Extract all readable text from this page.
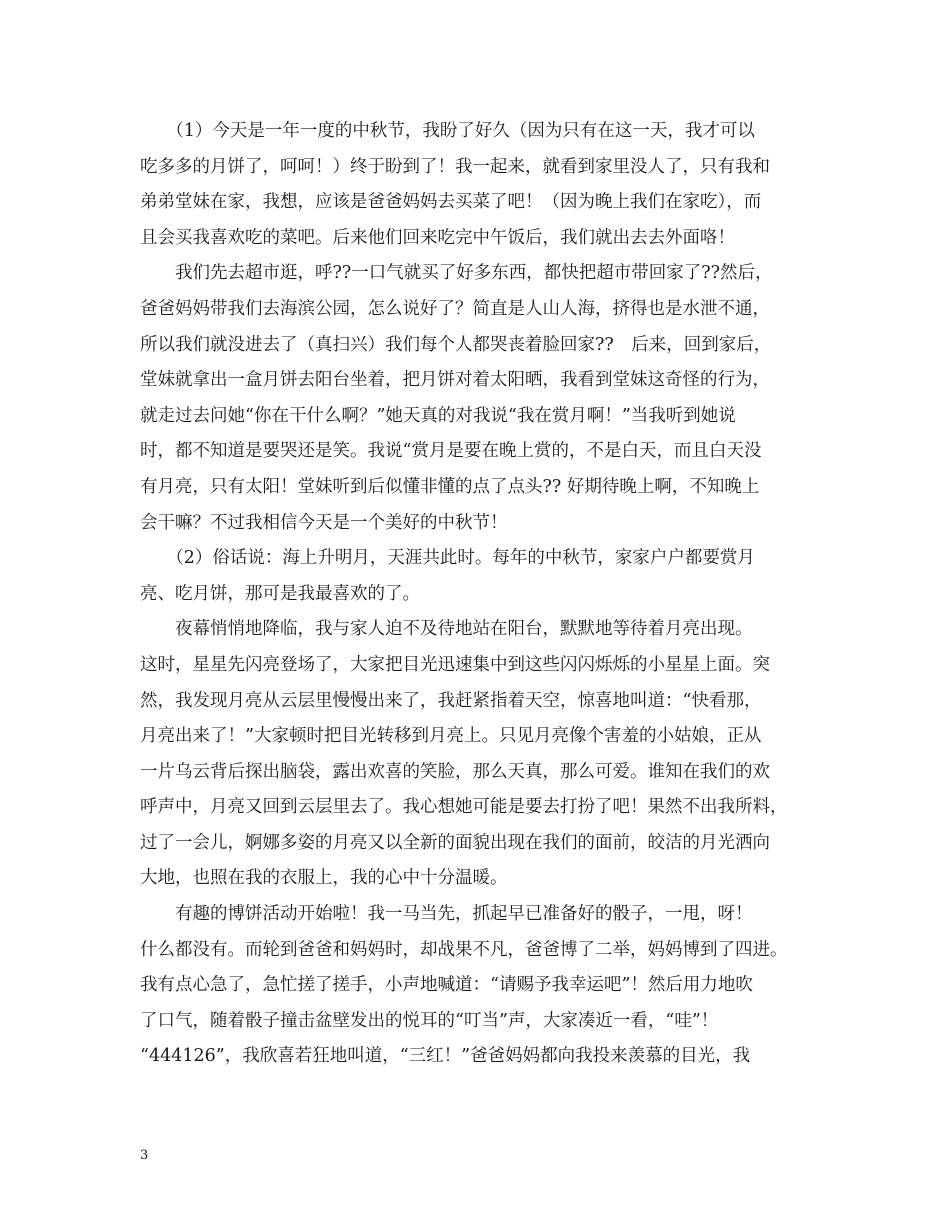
　　（1）今天是一年一度的中秋节，我盼了好久（因为只有在这一天，我才可以
吃多多的月饼了，呵呵！）终于盼到了！我一起来，就看到家里没人了，只有我和
弟弟堂妹在家，我想，应该是爸爸妈妈去买菜了吧！（因为晚上我们在家吃），而
且会买我喜欢吃的菜吧。后来他们回来吃完中午饭后，我们就出去去外面咯！
　　我们先去超市逛，呼??一口气就买了好多东西，都快把超市带回家了??然后，
爸爸妈妈带我们去海滨公园，怎么说好了？简直是人山人海，挤得也是水泄不通，
所以我们就没进去了（真扫兴）我们每个人都哭丧着脸回家??　后来，回到家后，
堂妹就拿出一盒月饼去阳台坐着，把月饼对着太阳晒，我看到堂妹这奇怪的行为，
就走过去问她“你在干什么啊？”她天真的对我说“我在赏月啊！”当我听到她说
时，都不知道是要哭还是笑。我说“赏月是要在晚上赏的，不是白天，而且白天没
有月亮，只有太阳！堂妹听到后似懂非懂的点了点头?? 好期待晚上啊，不知晚上
会干嘛？不过我相信今天是一个美好的中秋节！
　　（2）俗话说：海上升明月，天涯共此时。每年的中秋节，家家户户都要赏月
亮、吃月饼，那可是我最喜欢的了。
　　夜幕悄悄地降临，我与家人迫不及待地站在阳台，默默地等待着月亮出现。
这时，星星先闪亮登场了，大家把目光迅速集中到这些闪闪烁烁的小星星上面。突
然，我发现月亮从云层里慢慢出来了，我赶紧指着天空，惊喜地叫道：“快看那，
月亮出来了！”大家顿时把目光转移到月亮上。只见月亮像个害羞的小姑娘，正从
一片乌云背后探出脑袋，露出欢喜的笑脸，那么天真，那么可爱。谁知在我们的欢
呼声中，月亮又回到云层里去了。我心想她可能是要去打扮了吧！果然不出我所料，
过了一会儿，婀娜多姿的月亮又以全新的面貌出现在我们的面前，皎洁的月光洒向
大地，也照在我的衣服上，我的心中十分温暖。
　　有趣的博饼活动开始啦！我一马当先，抓起早已准备好的骰子，一甩，呀！
什么都没有。而轮到爸爸和妈妈时，却战果不凡，爸爸博了二举，妈妈博到了四进。
我有点心急了，急忙搓了搓手，小声地喊道：“请赐予我幸运吧”！然后用力地吹
了口气，随着骰子撞击盆壁发出的悦耳的“叮当”声，大家凑近一看，“哇”！
“444126”，我欣喜若狂地叫道，“三红！”爸爸妈妈都向我投来羡慕的目光，我
3
